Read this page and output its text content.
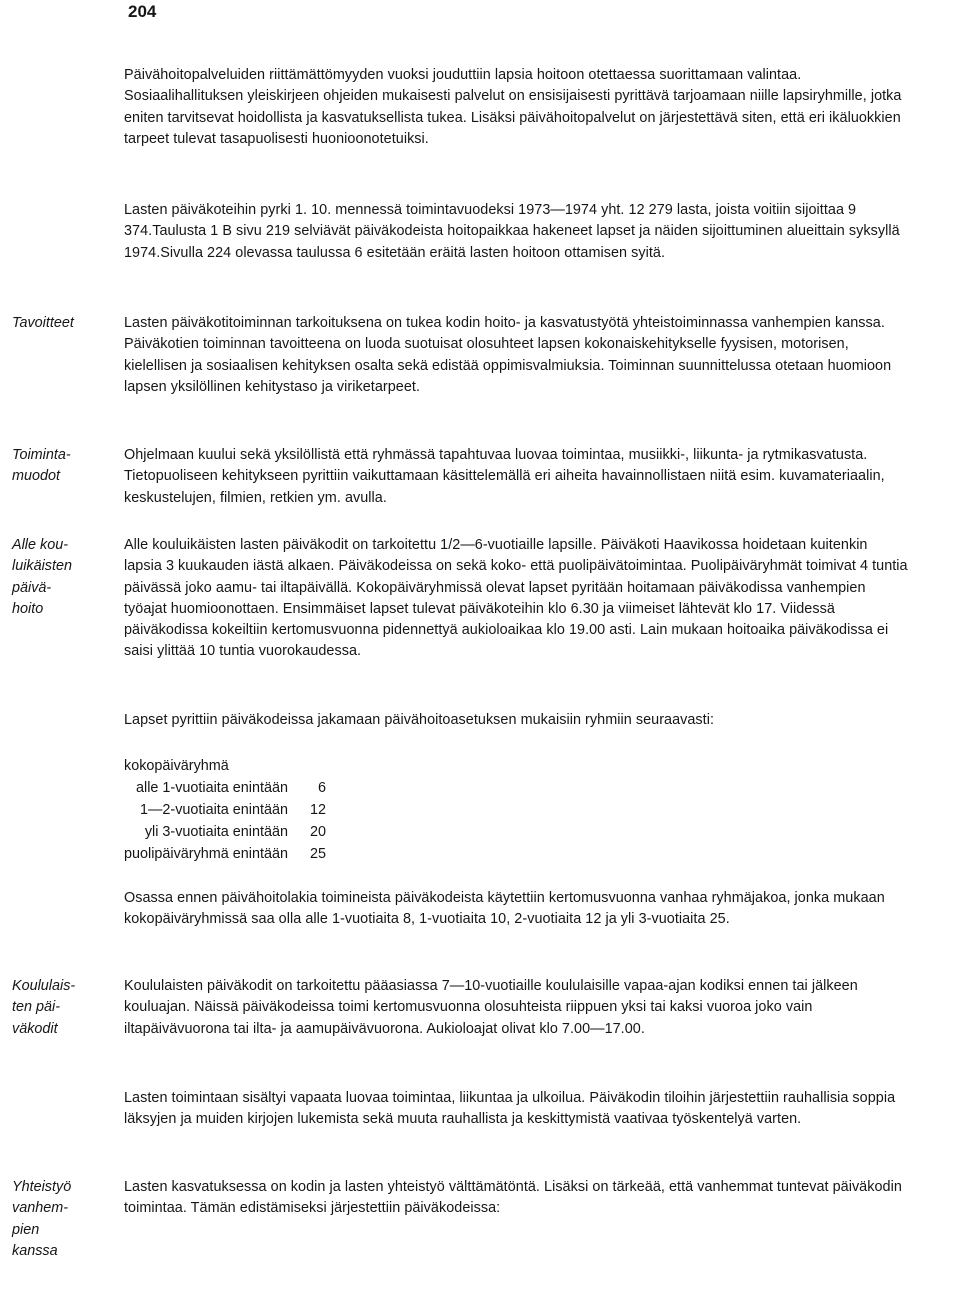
204

Päivähoitopalveluiden riittämättömyyden vuoksi jouduttiin lapsia hoitoon otettaessa suorittamaan valintaa. Sosiaalihallituksen yleiskirjeen ohjeiden mukaisesti palvelut on ensisijaisesti pyrittävä tarjoamaan niille lapsiryhmille, jotka eniten tarvitsevat hoidollista ja kasvatuksellista tukea. Lisäksi päivähoitopalvelut on järjestettävä siten, että eri ikäluokkien tarpeet tulevat tasapuolisesti huonioonotetuiksi.

Lasten päiväkoteihin pyrki 1. 10. mennessä toimintavuodeksi 1973—1974 yht. 12 279 lasta, joista voitiin sijoittaa 9 374.Taulusta 1 B sivu 219 selviävät päiväkodeista hoitopaikkaa hakeneet lapset ja näiden sijoittuminen alueittain syksyllä 1974.Sivulla 224 olevassa taulussa 6 esitetään eräitä lasten hoitoon ottamisen syitä.

Tavoitteet	Lasten päiväkotitoiminnan tarkoituksena on tukea kodin hoito- ja kasvatustyötä yhteistoiminnassa vanhempien kanssa. Päiväkotien toiminnan tavoitteena on luoda suotuisat olosuhteet lapsen kokonaiskehitykselle fyysisen, motorisen, kielellisen ja sosiaalisen kehityksen osalta sekä edistää oppimisvalmiuksia. Toiminnan suunnittelussa otetaan huomioon lapsen yksilöllinen kehitystaso ja viriketarpeet.

Toiminta-
muodot

Ohjelmaan kuului sekä yksilöllistä että ryhmässä tapahtuvaa luovaa toimintaa, musiikki-, liikunta- ja rytmikasvatusta. Tietopuoliseen kehitykseen pyrittiin vaikuttamaan käsittelemällä eri aiheita havainnollistaen niitä esim. kuvamateriaalin, keskustelujen, filmien, retkien ym. avulla.

Alle kou-
luikäisten
päivä-
hoito

Alle kouluikäisten lasten päiväkodit on tarkoitettu 1/2—6-vuotiaille lapsille. Päiväkoti Haavikossa hoidetaan kuitenkin lapsia 3 kuukauden iästä alkaen. Päiväkodeissa on sekä koko- että puolipäivätoimintaa. Puolipäiväryhmät toimivat 4 tuntia päivässä joko aamu- tai iltapäivällä. Kokopäiväryhmissä olevat lapset pyritään hoitamaan päiväkodissa vanhempien työajat huomioonottaen. Ensimmäiset lapset tulevat päiväkoteihin klo 6.30 ja viimeiset lähtevät klo 17. Viidessä päiväkodissa kokeiltiin kertomusvuonna pidennettyä aukioloaikaa klo 19.00 asti. Lain mukaan hoitoaika päiväkodissa ei saisi ylittää 10 tuntia vuorokaudessa.

Lapset pyrittiin päiväkodeissa jakamaan päivähoitoasetuksen mukaisiin ryhmiin seuraavasti:

kokopäiväryhmä	
alle 1-vuotiaita enintään	6
1—2-vuotiaita enintään	12
yli 3-vuotiaita enintään	20
puolipäiväryhmä enintään	25

Osassa ennen päivähoitolakia toimineista päiväkodeista käytettiin kertomusvuonna vanhaa ryhmäjakoa, jonka mukaan kokopäiväryhmissä saa olla alle 1-vuotiaita 8, 1-vuotiaita 10, 2-vuotiaita 12 ja yli 3-vuotiaita 25.

Koululais-
ten päi-
väkodit

Koululaisten päiväkodit on tarkoitettu pääasiassa 7—10-vuotiaille koululaisille vapaa-ajan kodiksi ennen tai jälkeen kouluajan. Näissä päiväkodeissa toimi kertomusvuonna olosuhteista riippuen yksi tai kaksi vuoroa joko vain iltapäivävuorona tai ilta- ja aamupäivävuorona. Aukioloajat olivat klo 7.00—17.00.

Lasten toimintaan sisältyi vapaata luovaa toimintaa, liikuntaa ja ulkoilua. Päiväkodin tiloihin järjestettiin rauhallisia soppia läksyjen ja muiden kirjojen lukemista sekä muuta rauhallista ja keskittymistä vaativaa työskentelyä varten.

Yhteistyö
vanhem-
pien
kanssa

Lasten kasvatuksessa on kodin ja lasten yhteistyö välttämätöntä. Lisäksi on tärkeää, että vanhemmat tuntevat päiväkodin toimintaa. Tämän edistämiseksi järjestettiin päiväkodeissa:
